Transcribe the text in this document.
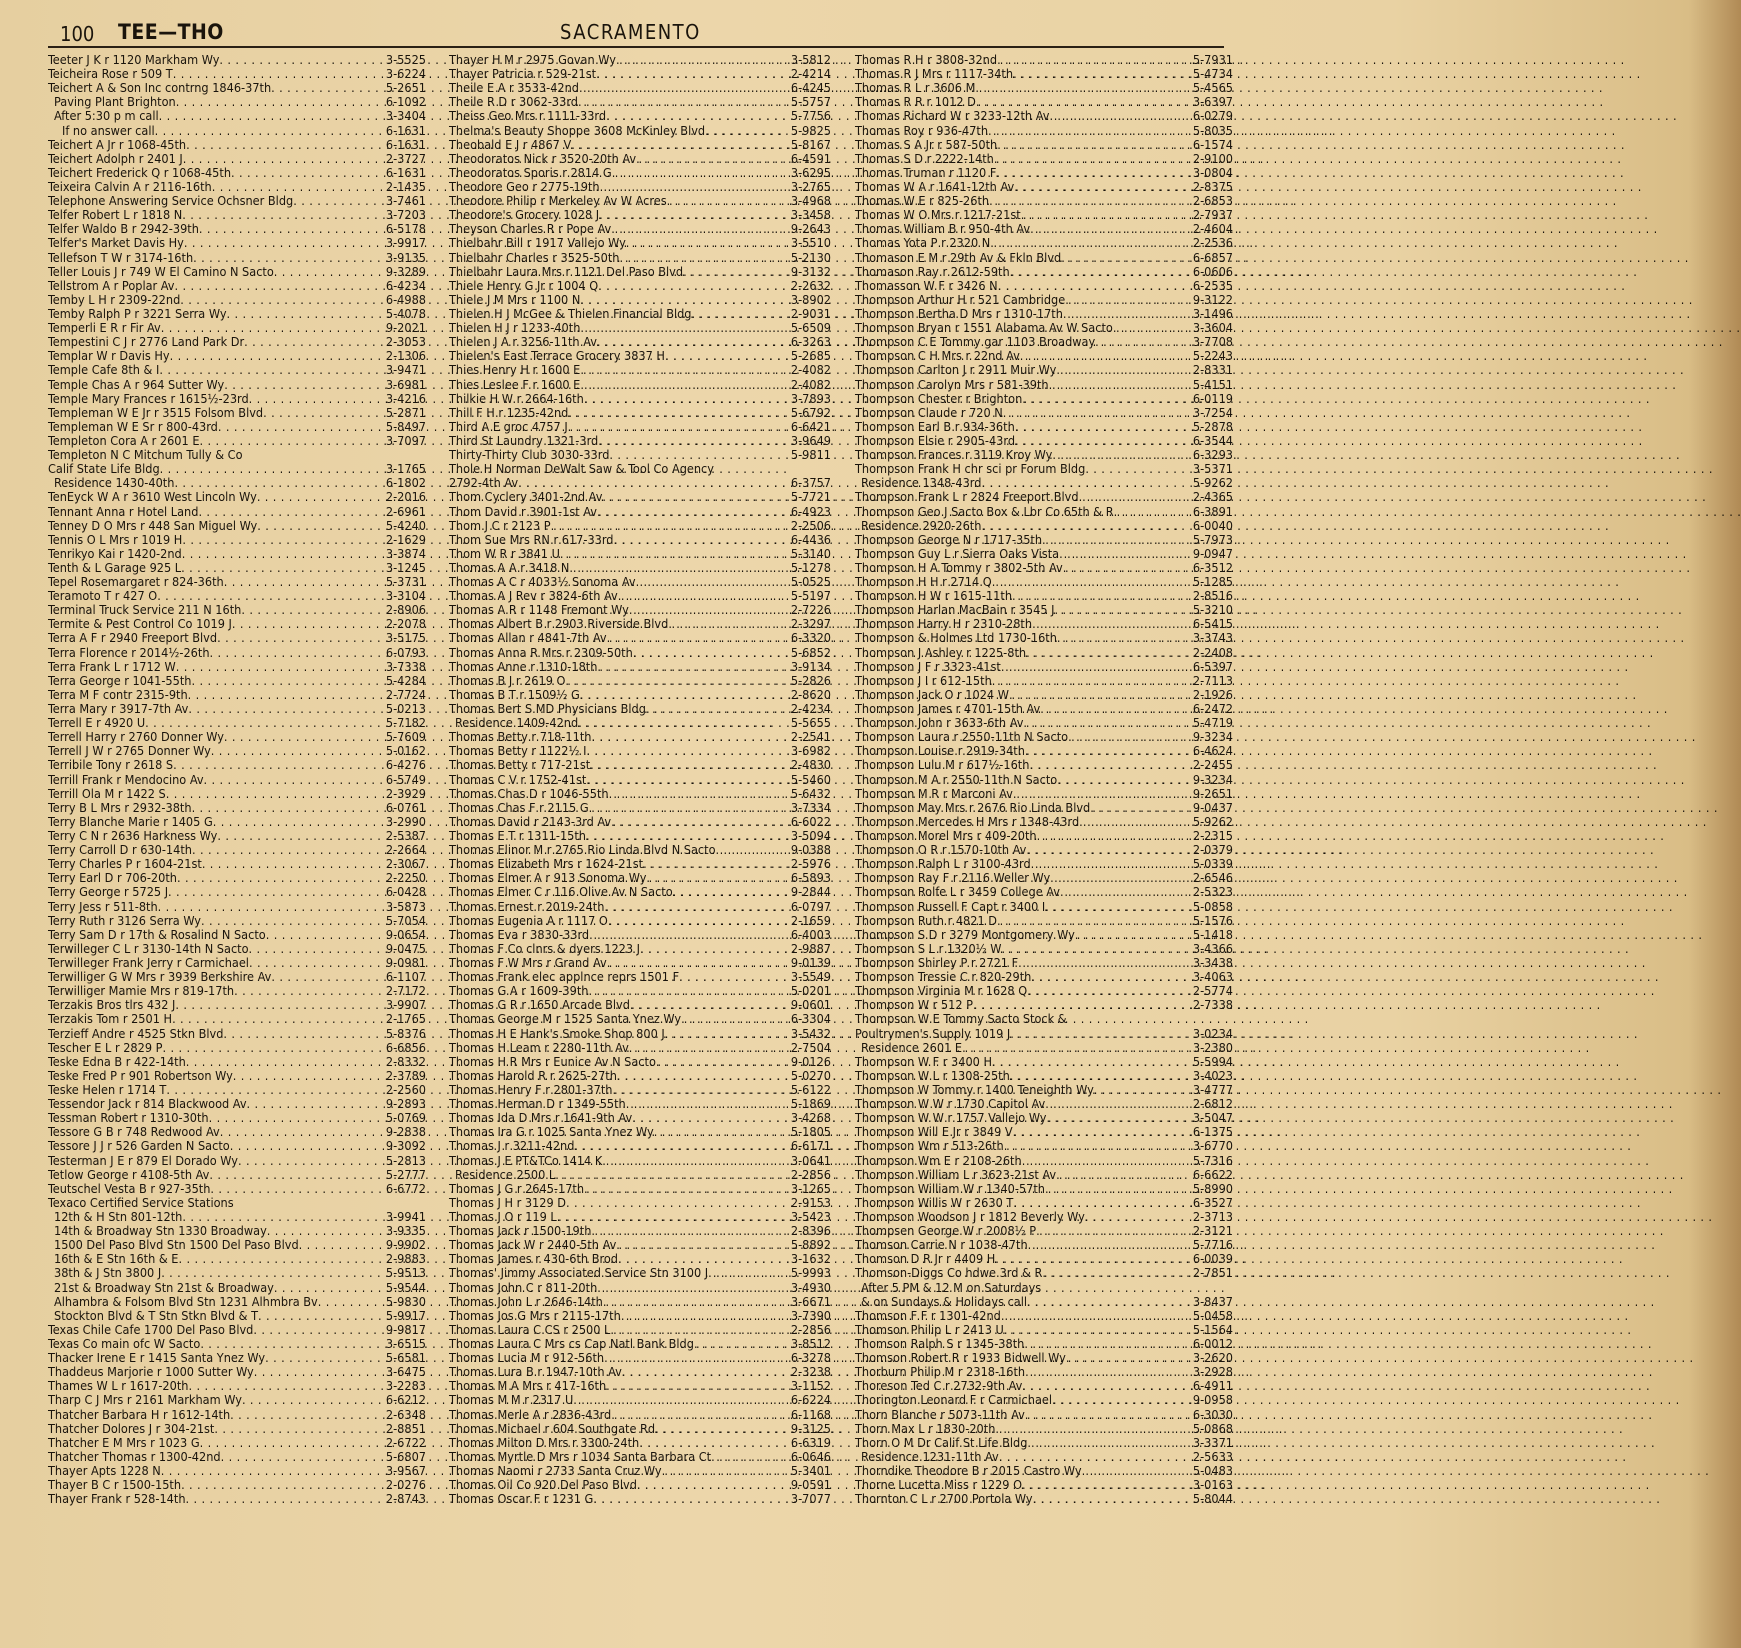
100 TEE—THO	SACRAMENTO
Teeter J K r 1120 Markham Wy . . .	3-5525
Teicheira Rose r 509 T . . .	3-6224
Teichert A & Son Inc contrng 1846-37th . . .	5-2651
Paving Plant Brighton . . .	6-1092
After 5:30 p m call . . .	3-3404
If no answer call . . .	6-1631
Teichert A Jr r 1068-45th . . .	6-1631
Teichert Adolph r 2401 J . . .	2-3727
Teichert Frederick Q r 1068-45th . . .	6-1631
Teixeira Calvin A r 2116-16th . . .	2-1435
Telephone Answering Service Ochsner Bldg . . .	3-7461
Telfer Robert L r 1818 N . . .	3-7203
Telfer Waldo B r 2942-39th . . .	6-5178
Telfer's Market Davis Hy . . .	3-9917
Tellefson T W r 3174-16th . . .	3-9135
Teller Louis J r 749 W El Camino N Sacto . . .	9-3289
Tellstrom A r Poplar Av . . .	6-4234
Temby L H r 2309-22nd . . .	6-4988
Temby Ralph P r 3221 Serra Wy . . .	5-4078
Temperli E R r Fir Av . . .	9-2021
Tempestini C J r 2776 Land Park Dr . . .	2-3053
Templar W r Davis Hy . . .	2-1306
Temple Cafe 8th & I . . .	3-9471
Temple Chas A r 964 Sutter Wy . . .	3-6981
Temple Mary Frances r 1615½-23rd . . .	3-4216
Templeman W E Jr r 3515 Folsom Blvd . . .	5-2871
Templeman W E Sr r 800-43rd . . .	5-8497
Templeton Cora A r 2601 E . . .	3-7097
Templeton N C Mitchum Tully & Co
Calif State Life Bldg . . .	3-1765
Residence 1430-40th . . .	6-1802
TenEyck W A r 3610 West Lincoln Wy . . .	2-2016
Tennant Anna r Hotel Land . . .	2-6961
Tenney D O Mrs r 448 San Miguel Wy . . .	5-4240
Tennis O L Mrs r 1019 H . . .	2-1629
Tenrikyo Kai r 1420-2nd . . .	3-3874
Tenth & L Garage 925 L . . .	3-1245
Tepel Rosemargaret r 824-36th . . .	5-3731
Teramoto T r 427 O . . .	3-3104
Terminal Truck Service 211 N 16th . . .	2-8906
Termite & Pest Control Co 1019 J . . .	2-2078
Terra A F r 2940 Freeport Blvd . . .	3-5175
Terra Florence r 2014½-26th . . .	6-0793
Terra Frank L r 1712 W . . .	3-7338
Terra George r 1041-55th . . .	5-4284
Terra M F contr 2315-9th . . .	2-7724
Terra Mary r 3917-7th Av . . .	5-0213
Terrell E r 4920 U . . .	5-7182
Terrell Harry r 2760 Donner Wy . . .	5-7609
Terrell J W r 2765 Donner Wy . . .	5-0162
Terribile Tony r 2618 S . . .	6-4276
Terrill Frank r Mendocino Av . . .	6-5749
Terrill Ola M r 1422 S . . .	2-3929
Terry B L Mrs r 2932-38th . . .	6-0761
Terry Blanche Marie r 1405 G . . .	3-2990
Terry C N r 2636 Harkness Wy . . .	2-5387
Terry Carroll D r 630-14th . . .	2-2664
Terry Charles P r 1604-21st . . .	2-3067
Terry Earl D r 706-20th . . .	2-2250
Terry George r 5725 J . . .	6-0428
Terry Jess r 511-8th . . .	3-5873
Terry Ruth r 3126 Serra Wy . . .	5-7054
Terry Sam D r 17th & Rosalind N Sacto . . .	9-0654
Terwilleger C L r 3130-14th N Sacto . . .	9-0475
Terwilleger Frank Jerry r Carmichael . . .	9-0981
Terwilliger G W Mrs r 3939 Berkshire Av . . .	6-1107
Terwilliger Mamie Mrs r 819-17th . . .	2-7172
Terzakis Bros tlrs 432 J . . .	3-9907
Terzakis Tom r 2501 H . . .	2-1765
Terzieff Andre r 4525 Stkn Blvd . . .	5-8376
Tescher E L r 2829 P . . .	6-6856
Teske Edna B r 422-14th . . .	2-8332
Teske Fred P r 901 Robertson Wy . . .	2-3789
Teske Helen r 1714 T . . .	2-2560
Tessendor Jack r 814 Blackwood Av . . .	9-2893
Tessman Robert r 1310-30th . . .	5-0769
Tessore G B r 748 Redwood Av . . .	9-2838
Tessore J J r 526 Garden N Sacto . . .	9-3092
Testerman J E r 879 El Dorado Wy . . .	5-2813
Tetlow George r 4108-5th Av . . .	5-2777
Teutschel Vesta B r 927-35th . . .	6-6772
Texaco Certified Service Stations
12th & H Stn 801-12th . . .	3-9941
14th & Broadway Stn 1330 Broadway . . .	3-9335
1500 Del Paso Blvd Stn 1500 Del Paso Blvd . . .	9-9902
16th & E Stn 16th & E . . .	2-9883
38th & J Stn 3800 J . . .	5-9513
21st & Broadway Stn 21st & Broadway . . .	5-9544
Alhambra & Folsom Blvd Stn 1231 Alhmbra Bv . . .	5-9830
Stockton Blvd & T Stn Stkn Blvd & T . . .	5-9917
Texas Chile Cafe 1700 Del Paso Blvd . . .	9-9817
Texas Co main ofc W Sacto . . .	3-6515
Thacker Irene E r 1415 Santa Ynez Wy . . .	5-6581
Thaddeus Marjorie r 1000 Sutter Wy . . .	3-6475
Thames W L r 1617-20th . . .	3-2283
Tharp C J Mrs r 2161 Markham Wy . . .	6-6212
Thatcher Barbara H r 1612-14th . . .	2-6348
Thatcher Dolores J r 304-21st . . .	2-8851
Thatcher E M Mrs r 1023 G . . .	2-6722
Thatcher Thomas r 1300-42nd . . .	5-6807
Thayer Apts 1228 N . . .	3-9567
Thayer B C r 1500-15th . . .	2-0276
Thayer Frank r 528-14th . . .	2-8743
Thayer H M r 2975 Govan Wy . . .	3-5812
Thayer Patricia r 529-21st . . .	2-4214
Theile E A r 3533-42nd . . .	6-4245
Theile R D r 3062-33rd . . .	5-5757
Theiss Geo Mrs r 1111-33rd . . .	5-7756
Thelma's Beauty Shoppe 3608 McKinley Blvd . . .	5-9825
Theobald E J r 4867 V . . .	5-8167
Theodoratos Nick r 3520-20th Av . . .	6-4591
Theodoratos Sporis r 2814 G . . .	3-6295
Theodore Geo r 2775-19th . . .	3-2765
Theodore Philip r Merkeley Av W Acres . . .	3-4968
Theodore's Grocery 1028 J . . .	3-3458
Theyson Charles R r Pope Av . . .	9-2643
Thielbahr Bill r 1917 Vallejo Wy . . .	3-5510
Thielbahr Charles r 3525-50th . . .	5-2130
Thielbahr Laura Mrs r 1121 Del Paso Blvd . . .	9-3132
Thiele Henry G Jr r 1004 Q . . .	2-2632
Thiele J M Mrs r 1100 N . . .	3-8902
Thielen H J McGee & Thielen Financial Bldg . . .	2-9031
Thielen H J r 1233-40th . . .	5-6509
Thielen J A r 3256-11th Av . . .	6-3263
Thielen's East Terrace Grocery 3837 H . . .	5-2685
Thies Henry H r 1600 E . . .	2-4082
Thies Leslee F r 1600 E . . .	2-4082
Thilkie H W r 2664-16th . . .	3-7893
Thill F H r 1235-42nd . . .	5-6792
Third A E groc 4757 J . . .	6-6421
Third St Laundry 1321-3rd . . .	3-9649
Thirty-Thirty Club 3030-33rd . . .	5-9811
Thole H Norman DeWalt Saw & Tool Co Agency
2792-4th Av . . .	6-3757
Thom Cyclery 3401-2nd Av . . .	5-7721
Thom David r 3901-1st Av . . .	6-4923
Thom J C r 2123 P . . .	2-2506
Thom Sue Mrs RN r 617-33rd . . .	6-4436
Thom W R r 3841 U . . .	5-3140
Thomas A A r 3418 N . . .	5-1278
Thomas A C r 4033½ Sonoma Av . . .	5-0525
Thomas A J Rev r 3824-6th Av . . .	5-5197
Thomas A R r 1148 Fremont Wy . . .	2-7226
Thomas Albert B r 2903 Riverside Blvd . . .	2-3297
Thomas Allan r 4841-7th Av . . .	6-3320
Thomas Anna R Mrs r 2309-50th . . .	5-6852
Thomas Anne r 1310-18th . . .	3-9134
Thomas B J r 2619 O . . .	5-2826
Thomas B T r 1509½ G . . .	2-8620
Thomas Bert S MD Physicians Bldg . . .	2-4234
Residence 1409-42nd . . .	5-5655
Thomas Betty r 718-11th . . .	2-2541
Thomas Betty r 1122½ I . . .	3-6982
Thomas Betty r 717-21st . . .	2-4830
Thomas C V r 1752-41st . . .	5-5460
Thomas Chas D r 1046-55th . . .	5-6432
Thomas Chas F r 2115 G . . .	3-7334
Thomas David r 2143-3rd Av . . .	6-6022
Thomas E T r 1311-15th . . .	3-5094
Thomas Elinor M r 2765 Rio Linda Blvd N Sacto . . .	9-0388
Thomas Elizabeth Mrs r 1624-21st . . .	2-5976
Thomas Elmer A r 913 Sonoma Wy . . .	6-5893
Thomas Elmer C r 116 Olive Av N Sacto . . .	9-2844
Thomas Ernest r 2019-24th . . .	6-0797
Thomas Eugenia A r 1117 O . . .	2-1659
Thomas Eva r 3830-33rd . . .	6-4003
Thomas F Co clnrs & dyers 1223 J . . .	2-9887
Thomas F W Mrs r Grand Av . . .	9-0139
Thomas Frank elec applnce reprs 1501 F . . .	3-5549
Thomas G A r 1609-39th . . .	5-0201
Thomas G R r 1650 Arcade Blvd . . .	9-0601
Thomas George M r 1525 Santa Ynez Wy . . .	6-3304
Thomas H E Hank's Smoke Shop 800 J . . .	3-5432
Thomas H Leam r 2280-11th Av . . .	2-7504
Thomas H R Mrs r Eunice Av N Sacto . . .	9-0126
Thomas Harold R r 2625-27th . . .	5-0270
Thomas Henry F r 2801-37th . . .	5-6122
Thomas Herman D r 1349-55th . . .	5-1869
Thomas Ida D Mrs r 1641-9th Av . . .	3-4268
Thomas Ira G r 1025 Santa Ynez Wy . . .	5-1805
Thomas J r 3211-42nd . . .	6-6171
Thomas J E PT&TCo 1414 K . . .	3-0641
Residence 2500 L . . .	2-2856
Thomas J G r 2645-17th . . .	3-1265
Thomas J H r 3129 D . . .	2-9153
Thomas J O r 119 L . . .	3-5423
Thomas Jack r 1500-19th . . .	2-8396
Thomas Jack W r 2440-5th Av . . .	5-8892
Thomas James r 430-6th Brod . . .	3-1632
Thomas' Jimmy Associated Service Stn 3100 J . . .	5-9993
Thomas John C r 811-20th . . .	3-4930
Thomas John L r 2646-14th . . .	3-6671
Thomas Jos G Mrs r 2115-17th . . .	3-7390
Thomas Laura C CS r 2500 L . . .	2-2856
Thomas Laura C Mrs cs Cap Natl Bank Bldg . . .	3-8512
Thomas Lucia M r 912-56th . . .	6-3278
Thomas Lura B r 1947-10th Av . . .	2-3238
Thomas M A Mrs r 417-16th . . .	3-1152
Thomas M M r 2317 U . . .	6-6224
Thomas Merle A r 2836-43rd . . .	6-1168
Thomas Michael r 604 Southgate Rd . . .	9-3125
Thomas Milton D Mrs r 3300-24th . . .	6-6319
Thomas Myrtle D Mrs r 1034 Santa Barbara Ct . . .	6-0646
Thomas Naomi r 2733 Santa Cruz Wy . . .	5-3401
Thomas Oil Co 920 Del Paso Blvd . . .	9-0591
Thomas Oscar F r 1231 G . . .	3-7077
Thomas R H r 3808-32nd . . .	5-7931
Thomas R J Mrs r 1117-34th . . .	5-4734
Thomas R L r 3606 M . . .	5-4565
Thomas R R r 1012 D . . .	3-6397
Thomas Richard W r 3233-12th Av . . .	6-0279
Thomas Roy r 936-47th . . .	5-8035
Thomas S A Jr r 587-50th . . .	6-1574
Thomas S D r 2222-14th . . .	2-9100
Thomas Truman r 1120 F . . .	3-0804
Thomas W A r 1641-12th Av . . .	2-8375
Thomas W E r 825-26th . . .	2-6853
Thomas W O Mrs r 1217-21st . . .	2-7937
Thomas William B r 950-4th Av . . .	2-4604
Thomas Yota P r 2320 N . . .	2-2536
Thomason E M r 29th Av & Fkln Blvd . . .	6-6857
Thomason Ray r 2612-59th . . .	6-0606
Thomasson W F r 3426 N . . .	6-2535
Thompson Arthur H r 521 Cambridge . . .	9-3122
Thompson Bertha D Mrs r 1310-17th . . .	3-1496
Thompson Bryan r 1551 Alabama Av W Sacto . . .	3-3604
Thompson C E Tommy gar 1103 Broadway . . .	3-7708
Thompson C H Mrs r 22nd Av . . .	5-2243
Thompson Carlton J r 2911 Muir Wy . . .	2-8331
Thompson Carolyn Mrs r 581-39th . . .	5-4151
Thompson Chester r Brighton . . .	6-0119
Thompson Claude r 720 N . . .	3-7254
Thompson Earl B r 934-36th . . .	5-2878
Thompson Elsie r 2905-43rd . . .	6-3544
Thompson Frances r 3119 Kroy Wy . . .	6-3293
Thompson Frank H chr sci pr Forum Bldg . . .	3-5371
Residence 1348-43rd . . .	5-9262
Thompson Frank L r 2824 Freeport Blvd . . .	2-4365
Thompson Geo J Sacto Box & Lbr Co 65th & R . . .	6-3891
Residence 2920-26th . . .	6-0040
Thompson George N r 1717-35th . . .	5-7973
Thompson Guy L r Sierra Oaks Vista . . .	9-0947
Thompson H A Tommy r 3802-5th Av . . .	6-3512
Thompson H H r 2714 Q . . .	5-1285
Thompson H W r 1615-11th . . .	2-8516
Thompson Harlan MacBain r 3545 J . . .	5-3210
Thompson Harry H r 2310-28th . . .	6-5415
Thompson & Holmes Ltd 1730-16th . . .	3-3743
Thompson J Ashley r 1225-8th . . .	2-2408
Thompson J F r 3323-41st . . .	6-5397
Thompson J I r 612-15th . . .	2-7113
Thompson Jack O r 1024 W . . .	2-1926
Thompson James r 4701-15th Av . . .	6-2472
Thompson John r 3633-6th Av . . .	5-4719
Thompson Laura r 2550-11th N Sacto . . .	9-3234
Thompson Louise r 2919-34th . . .	6-4624
Thompson Lulu M r 617½-16th . . .	2-2455
Thompson M A r 2550-11th N Sacto . . .	9-3234
Thompson M R r Marconi Av . . .	9-2651
Thompson May Mrs r 2676 Rio Linda Blvd . . .	9-0437
Thompson Mercedes H Mrs r 1348-43rd . . .	5-9262
Thompson Morel Mrs r 409-20th . . .	2-2315
Thompson O R r 1570-10th Av . . .	2-0379
Thompson Ralph L r 3100-43rd . . .	5-0339
Thompson Ray F r 2116 Weller Wy . . .	2-6546
Thompson Rolfe L r 3459 College Av . . .	2-5323
Thompson Russell F Capt r 3400 I . . .	5-0858
Thompson Ruth r 4821 D . . .	5-1576
Thompson S D r 3279 Montgomery Wy . . .	5-1418
Thompson S L r 1320½ W . . .	3-4366
Thompson Shirley P r 2721 F . . .	3-3438
Thompson Tressie C r 820-29th . . .	3-4063
Thompson Virginia M r 1628 Q . . .	2-5774
Thompson W r 512 P . . .	2-7338
Thompson W E Tommy Sacto Stock &
Poultrymen's Supply 1019 J . . .	3-0234
Residence 2601 E . . .	3-2380
Thompson W F r 3400 H . . .	5-5994
Thompson W L r 1308-25th . . .	3-4023
Thompson W Tommy r 1400 Teneighth Wy . . .	3-4777
Thompson W W r 1730 Capitol Av . . .	2-6812
Thompson W W r 1757 Vallejo Wy . . .	3-5047
Thompson Will E Jr r 3849 V . . .	6-1375
Thompson Wm r 513-26th . . .	3-6770
Thompson Wm E r 2108-26th . . .	5-7316
Thompson William L r 3623-21st Av . . .	6-6622
Thompson William W r 1340-57th . . .	5-8990
Thompson Willis W r 2630 T . . .	6-3527
Thompson Woodson J r 1812 Beverly Wy . . .	2-3713
Thompsen George W r 2008½ P . . .	2-3121
Thomson Carrie N r 1038-47th . . .	5-7716
Thomson D R Jr r 4409 H . . .	6-0039
Thomson-Diggs Co hdwe 3rd & R . . .	2-7851
After 5 PM & 12 M on Saturdays
& on Sundays & Holidays call . . .	3-8437
Thomson F F r 1301-42nd . . .	5-0458
Thomson Philip L r 2413 U . . .	5-1564
Thomson Ralph S r 1345-38th . . .	6-0012
Thomson Robert R r 1933 Bidwell Wy . . .	3-2620
Thorburn Philip M r 2318-16th . . .	3-2928
Thoreson Ted C r 2732-9th Av . . .	6-4911
Thorington Leonard F r Carmichael . . .	9-0958
Thorn Blanche r 5073-11th Av . . .	6-3030
Thorn Max L r 1830-20th . . .	5-0868
Thorn O M Dr Calif St Life Bldg . . .	3-3371
Residence 1231-11th Av . . .	2-5633
Thorndike Theodore B r 2015 Castro Wy . . .	5-0483
Thorne Lucetta Miss r 1229 O . . .	3-0163
Thornton C L r 2700 Portola Wy . . .	5-8044
